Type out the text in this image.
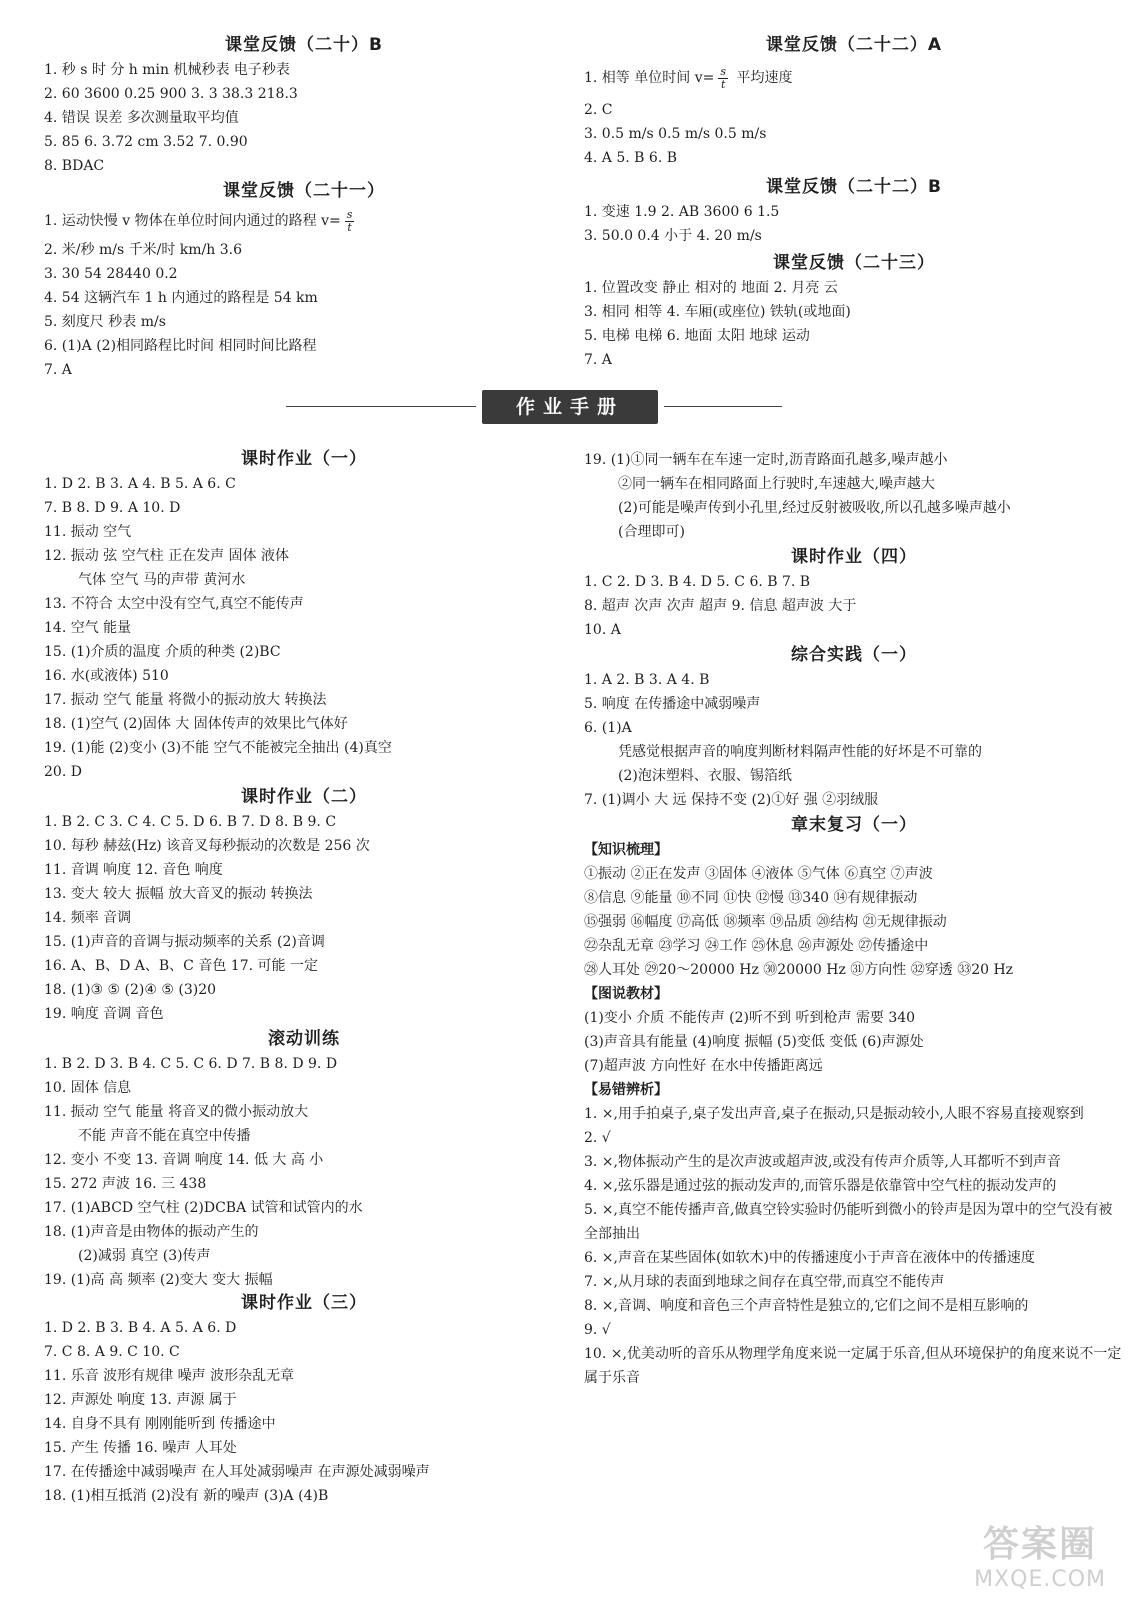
课堂反馈（二十）B
1. 秒 s 时 分 h min 机械秒表 电子秒表
2. 60 3600 0.25 900 3. 3 38.3 218.3
4. 错误 误差 多次测量取平均值
5. 85 6. 3.72 cm 3.52 7. 0.90
8. BDAC
课堂反馈（二十一）
1. 运动快慢 v 物体在单位时间内通过的路程 $v= \frac{s}{t}$
2. 米/秒 m/s 千米/时 km/h 3.6
3. 30 54 28440 0.2
4. 54 这辆汽车 1 h 内通过的路程是 54 km
5. 刻度尺 秒表 m/s
6. (1)A (2)相同路程比时间 相同时间比路程
7. A
课时作业（一）
1. D 2. B 3. A 4. B 5. A 6. C
7. B 8. D 9. A 10. D
11. 振动 空气
12. 振动 弦 空气柱 正在发声 固体 液体
气体 空气 马的声带 黄河水
13. 不符合 太空中没有空气,真空不能传声
14. 空气 能量
15. (1)介质的温度 介质的种类 (2)BC
16. 水(或液体) 510
17. 振动 空气 能量 将微小的振动放大 转换法
18. (1)空气 (2)固体 大 固体传声的效果比气体好
19. (1)能 (2)变小 (3)不能 空气不能被完全抽出 (4)真空
20. D
课时作业（二）
1. B 2. C 3. C 4. C 5. D 6. B 7. D 8. B 9. C
10. 每秒 赫兹(Hz) 该音叉每秒振动的次数是 256 次
11. 音调 响度 12. 音色 响度
13. 变大 较大 振幅 放大音叉的振动 转换法
14. 频率 音调
15. (1)声音的音调与振动频率的关系 (2)音调
16. A、B、D A、B、C 音色 17. 可能 一定
18. (1)③ ⑤ (2)④ ⑤ (3)20
19. 响度 音调 音色
滚动训练
1. B 2. D 3. B 4. C 5. C 6. D 7. B 8. D 9. D
10. 固体 信息
11. 振动 空气 能量 将音叉的微小振动放大
不能 声音不能在真空中传播
12. 变小 不变 13. 音调 响度 14. 低 大 高 小
15. 272 声波 16. 三 438
17. (1)ABCD 空气柱 (2)DCBA 试管和试管内的水
18. (1)声音是由物体的振动产生的
(2)减弱 真空 (3)传声
19. (1)高 高 频率 (2)变大 变大 振幅
课时作业（三）
1. D 2. B 3. B 4. A 5. A 6. D
7. C 8. A 9. C 10. C
11. 乐音 波形有规律 噪声 波形杂乱无章
12. 声源处 响度 13. 声源 属于
14. 自身不具有 刚刚能听到 传播途中
15. 产生 传播 16. 噪声 人耳处
17. 在传播途中减弱噪声 在人耳处减弱噪声 在声源处减弱噪声
18. (1)相互抵消 (2)没有 新的噪声 (3)A (4)B
作业手册
课堂反馈（二十二）A
1. 相等 单位时间 $v= \frac{s}{t}$ 平均速度
2. C
3. 0.5 m/s 0.5 m/s 0.5 m/s
4. A 5. B 6. B
课堂反馈（二十二）B
1. 变速 1.9 2. AB 3600 6 1.5
3. 50.0 0.4 小于 4. 20 m/s
课堂反馈（二十三）
1. 位置改变 静止 相对的 地面 2. 月亮 云
3. 相同 相等 4. 车厢(或座位) 铁轨(或地面)
5. 电梯 电梯 6. 地面 太阳 地球 运动
7. A
19. (1)①同一辆车在车速一定时,沥青路面孔越多,噪声越小
②同一辆车在相同路面上行驶时,车速越大,噪声越大
(2)可能是噪声传到小孔里,经过反射被吸收,所以孔越多噪声越小
(合理即可)
课时作业（四）
1. C 2. D 3. B 4. D 5. C 6. B 7. B
8. 超声 次声 次声 超声 9. 信息 超声波 大于
10. A
综合实践（一）
1. A 2. B 3. A 4. B
5. 响度 在传播途中减弱噪声
6. (1)A
凭感觉根据声音的响度判断材料隔声性能的好坏是不可靠的
(2)泡沫塑料、衣服、锡箔纸
7. (1)调小 大 远 保持不变 (2)①好 强 ②羽绒服
章末复习（一）
【知识梳理】
①振动 ②正在发声 ③固体 ④液体 ⑤气体 ⑥真空 ⑦声波
⑧信息 ⑨能量 ⑩不同 ⑪快 ⑫慢 ⑬340 ⑭有规律振动
⑮强弱 ⑯幅度 ⑰高低 ⑱频率 ⑲品质 ⑳结构 ㉑无规律振动
㉒杂乱无章 ㉓学习 ㉔工作 ㉕休息 ㉖声源处 ㉗传播途中
㉘人耳处 ㉙20～20000 Hz ㉚20000 Hz ㉛方向性 ㉜穿透 ㉝20 Hz
【图说教材】
(1)变小 介质 不能传声 (2)听不到 听到枪声 需要 340
(3)声音具有能量 (4)响度 振幅 (5)变低 变低 (6)声源处
(7)超声波 方向性好 在水中传播距离远
【易错辨析】
1. ×,用手拍桌子,桌子发出声音,桌子在振动,只是振动较小,人眼不容易直接观察到
2. √
3. ×,物体振动产生的是次声波或超声波,或没有传声介质等,人耳都听不到声音
4. ×,弦乐器是通过弦的振动发声的,而管乐器是依靠管中空气柱的振动发声的
5. ×,真空不能传播声音,做真空铃实验时仍能听到微小的铃声是因为罩中的空气没有被全部抽出
6. ×,声音在某些固体(如软木)中的传播速度小于声音在液体中的传播速度
7. ×,从月球的表面到地球之间存在真空带,而真空不能传声
8. ×,音调、响度和音色三个声音特性是独立的,它们之间不是相互影响的
9. √
10. ×,优美动听的音乐从物理学角度来说一定属于乐音,但从环境保护的角度来说不一定属于乐音
答案圈
MXQE.COM
